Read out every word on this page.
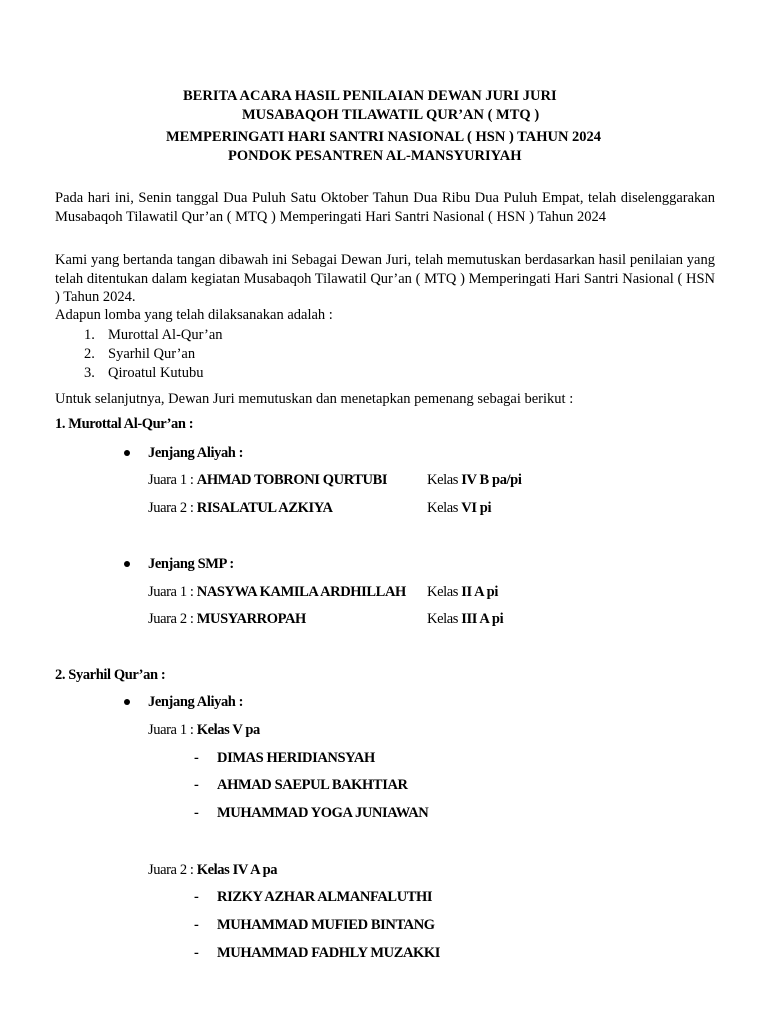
BERITA ACARA HASIL PENILAIAN DEWAN JURI JURI
MUSABAQOH TILAWATIL QUR’AN ( MTQ )
MEMPERINGATI HARI SANTRI NASIONAL ( HSN ) TAHUN 2024
PONDOK PESANTREN AL-MANSYURIYAH
Pada hari ini, Senin tanggal Dua Puluh Satu Oktober Tahun Dua Ribu Dua Puluh Empat, telah diselenggarakan Musabaqoh Tilawatil Qur’an ( MTQ ) Memperingati Hari Santri Nasional ( HSN ) Tahun 2024
Kami yang bertanda tangan dibawah ini Sebagai Dewan Juri, telah memutuskan berdasarkan hasil penilaian yang telah ditentukan dalam kegiatan Musabaqoh Tilawatil Qur’an ( MTQ ) Memperingati Hari Santri Nasional ( HSN ) Tahun 2024.
Adapun lomba yang telah dilaksanakan adalah :
1. Murottal Al-Qur’an
2. Syarhil Qur’an
3. Qiroatul Kutubu
Untuk selanjutnya, Dewan Juri memutuskan dan menetapkan pemenang sebagai berikut :
1. Murottal Al-Qur’an :
Jenjang Aliyah :
Juara 1 : AHMAD TOBRONI QURTUBI	Kelas IV B pa/pi
Juara 2 : RISALATUL AZKIYA	Kelas VI pi
Jenjang SMP :
Juara 1 : NASYWA KAMILA ARDHILLAH Kelas II A pi
Juara 2 : MUSYARROPAH	Kelas III A pi
2. Syarhil Qur’an :
Jenjang Aliyah :
Juara 1 : Kelas V pa
- DIMAS HERIDIANSYAH
- AHMAD SAEPUL BAKHTIAR
- MUHAMMAD YOGA JUNIAWAN
Juara 2 : Kelas IV A pa
- RIZKY AZHAR ALMANFALUTHI
- MUHAMMAD MUFIED BINTANG
- MUHAMMAD FADHLY MUZAKKI
